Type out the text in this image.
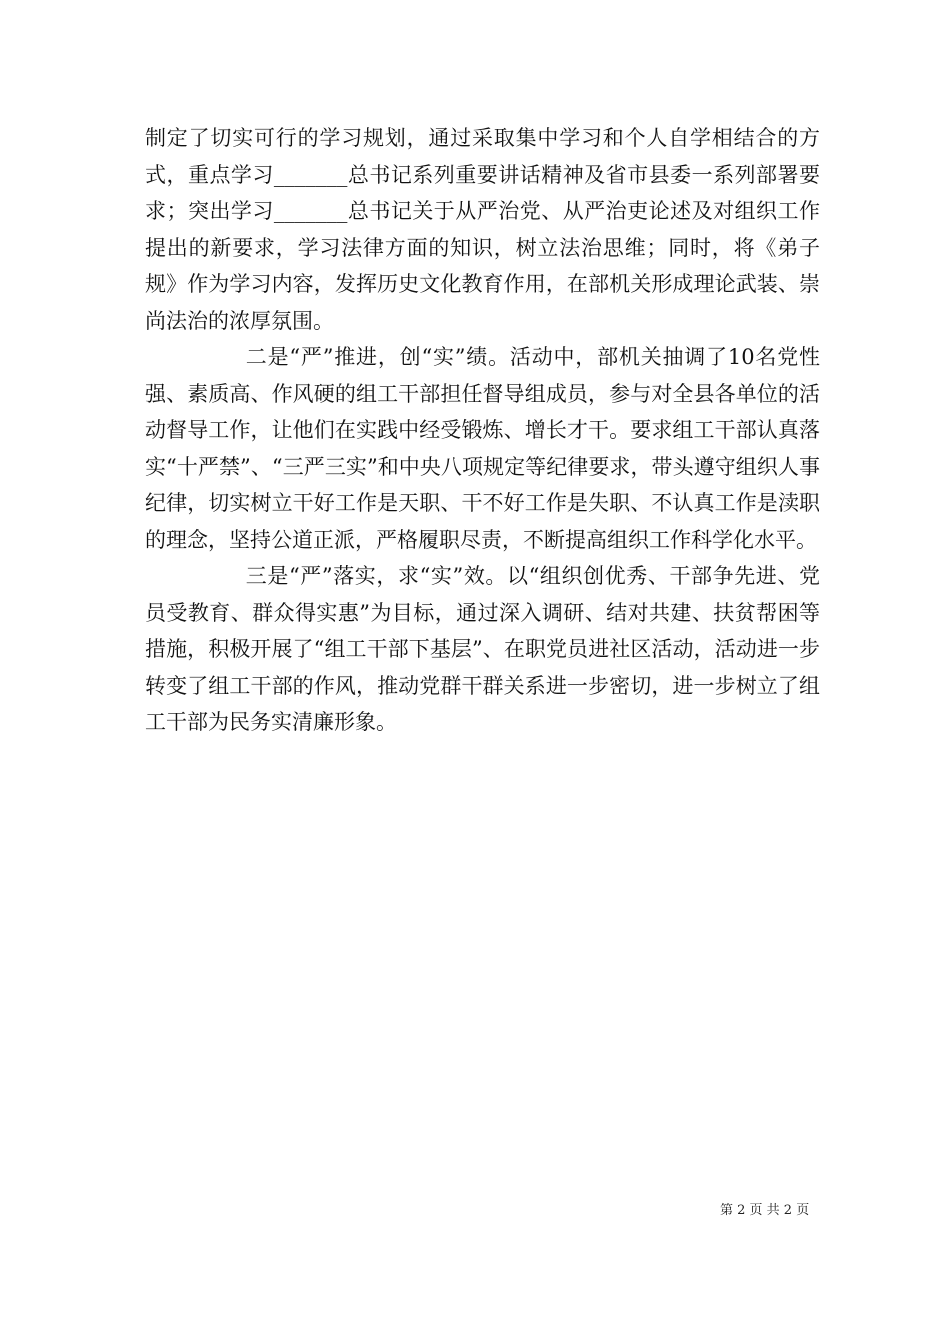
制定了切实可行的学习规划，通过采取集中学习和个人自学相结合的方式，重点学习_______总书记系列重要讲话精神及省市县委一系列部署要求；突出学习_______总书记关于从严治党、从严治吏论述及对组织工作提出的新要求，学习法律方面的知识，树立法治思维；同时，将《弟子规》作为学习内容，发挥历史文化教育作用，在部机关形成理论武装、崇尚法治的浓厚氛围。

二是“严”推进，创“实”绩。活动中，部机关抽调了10名党性强、素质高、作风硬的组工干部担任督导组成员，参与对全县各单位的活动督导工作，让他们在实践中经受锻炼、增长才干。要求组工干部认真落实“十严禁”、“三严三实”和中央八项规定等纪律要求，带头遵守组织人事纪律，切实树立干好工作是天职、干不好工作是失职、不认真工作是渎职的理念，坚持公道正派，严格履职尽责，不断提高组织工作科学化水平。

三是“严”落实，求“实”效。以“组织创优秀、干部争先进、党员受教育、群众得实惠”为目标，通过深入调研、结对共建、扶贫帮困等措施，积极开展了“组工干部下基层”、在职党员进社区活动，活动进一步转变了组工干部的作风，推动党群干群关系进一步密切，进一步树立了组工干部为民务实清廉形象。

第 2 页 共 2 页
